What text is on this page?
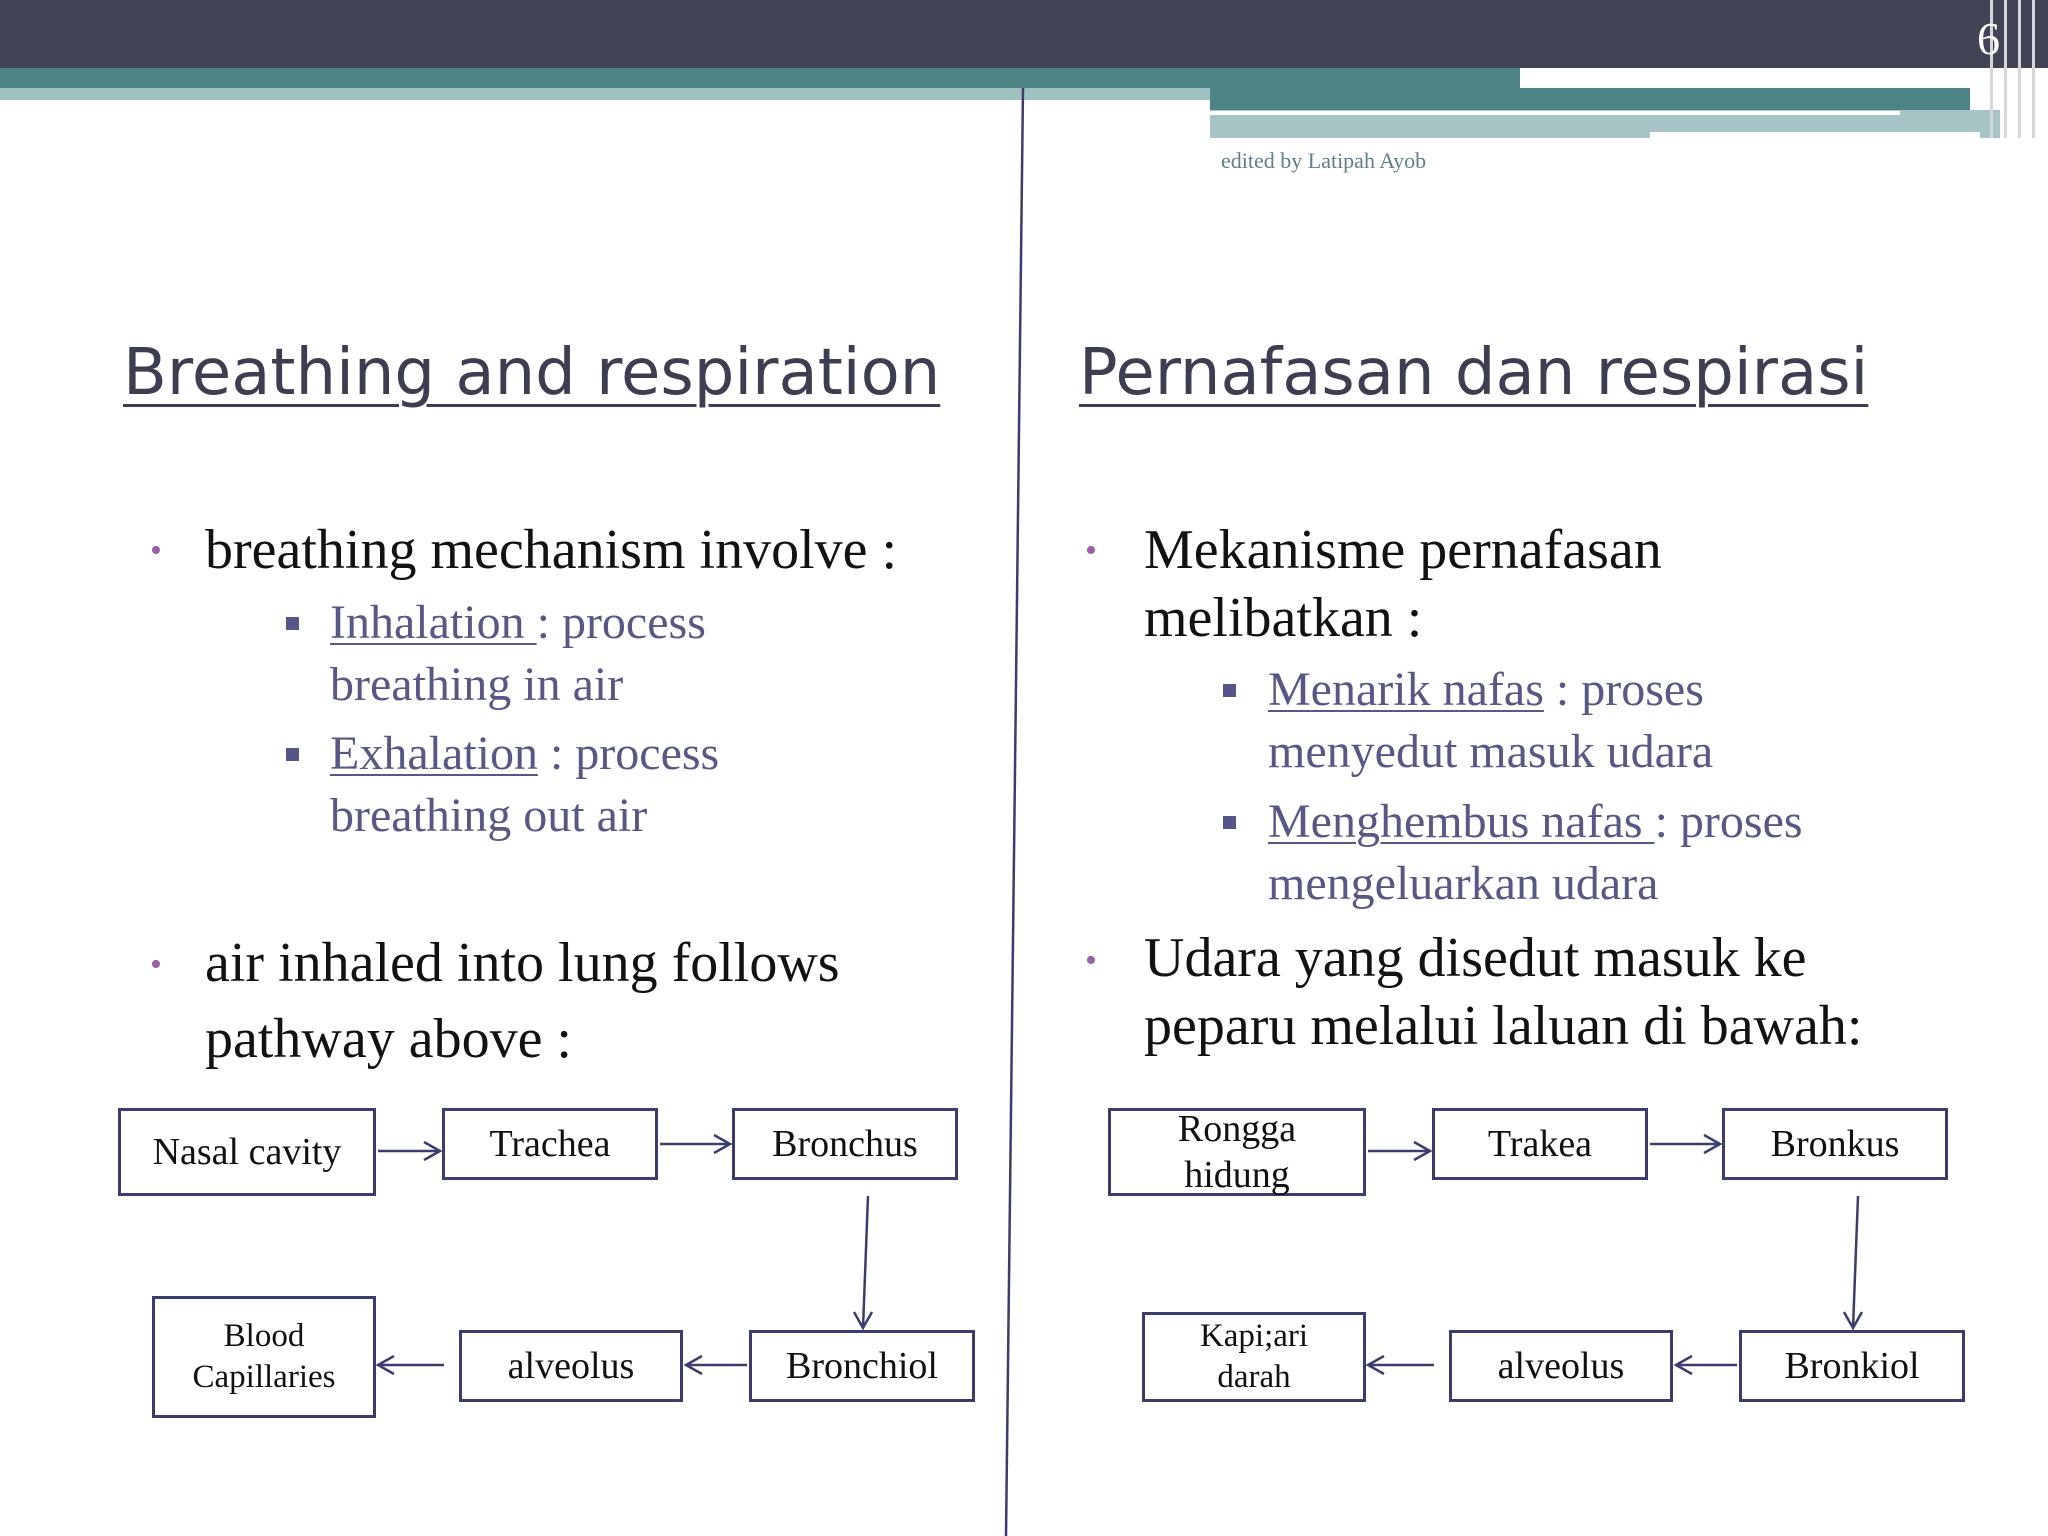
6
edited by Latipah Ayob
Breathing and respiration
• breathing mechanism involve :
Inhalation : process
breathing in air
Exhalation : process
breathing out air
• air inhaled into lung follows
pathway above :
Nasal cavity	Trachea	Bronchus
Blood
Capillaries	alveolus	Bronchiol
Pernafasan dan respirasi
• Mekanisme pernafasan
melibatkan :
Menarik nafas : proses
menyedut masuk udara
Menghembus nafas : proses
mengeluarkan udara
• Udara yang disedut masuk ke
peparu melalui laluan di bawah:
Rongga
hidung
Trakea	Bronkus
Kapi;ari
darah	alveolus	Bronkiol
